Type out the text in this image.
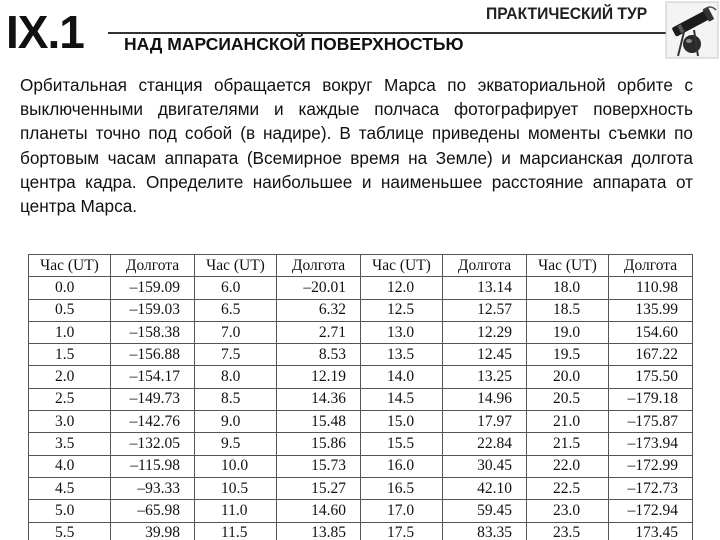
IX.1	ПРАКТИЧЕСКИЙ ТУР
НАД МАРСИАНСКОЙ ПОВЕРХНОСТЬЮ
Орбитальная станция обращается вокруг Марса по экваториальной орбите с выключенными двигателями и каждые полчаса фотографирует поверхность планеты точно под собой (в надире). В таблице приведены моменты съемки по бортовым часам аппарата (Всемирное время на Земле) и марсианская долгота центра кадра. Определите наибольшее и наименьшее расстояние аппарата от центра Марса.
Час (UT)	Долгота	Час (UT)	Долгота	Час (UT)	Долгота	Час (UT)	Долгота
0.0	–159.09	6.0	–20.01	12.0	13.14	18.0	110.98
0.5	–159.03	6.5	6.32	12.5	12.57	18.5	135.99
1.0	–158.38	7.0	2.71	13.0	12.29	19.0	154.60
1.5	–156.88	7.5	8.53	13.5	12.45	19.5	167.22
2.0	–154.17	8.0	12.19	14.0	13.25	20.0	175.50
2.5	–149.73	8.5	14.36	14.5	14.96	20.5	–179.18
3.0	–142.76	9.0	15.48	15.0	17.97	21.0	–175.87
3.5	–132.05	9.5	15.86	15.5	22.84	21.5	–173.94
4.0	–115.98	10.0	15.73	16.0	30.45	22.0	–172.99
4.5	–93.33	10.5	15.27	16.5	42.10	22.5	–172.73
5.0	–65.98	11.0	14.60	17.0	59.45	23.0	–172.94
5.5	39.98	11.5	13.85	17.5	83.35	23.5	173.45
